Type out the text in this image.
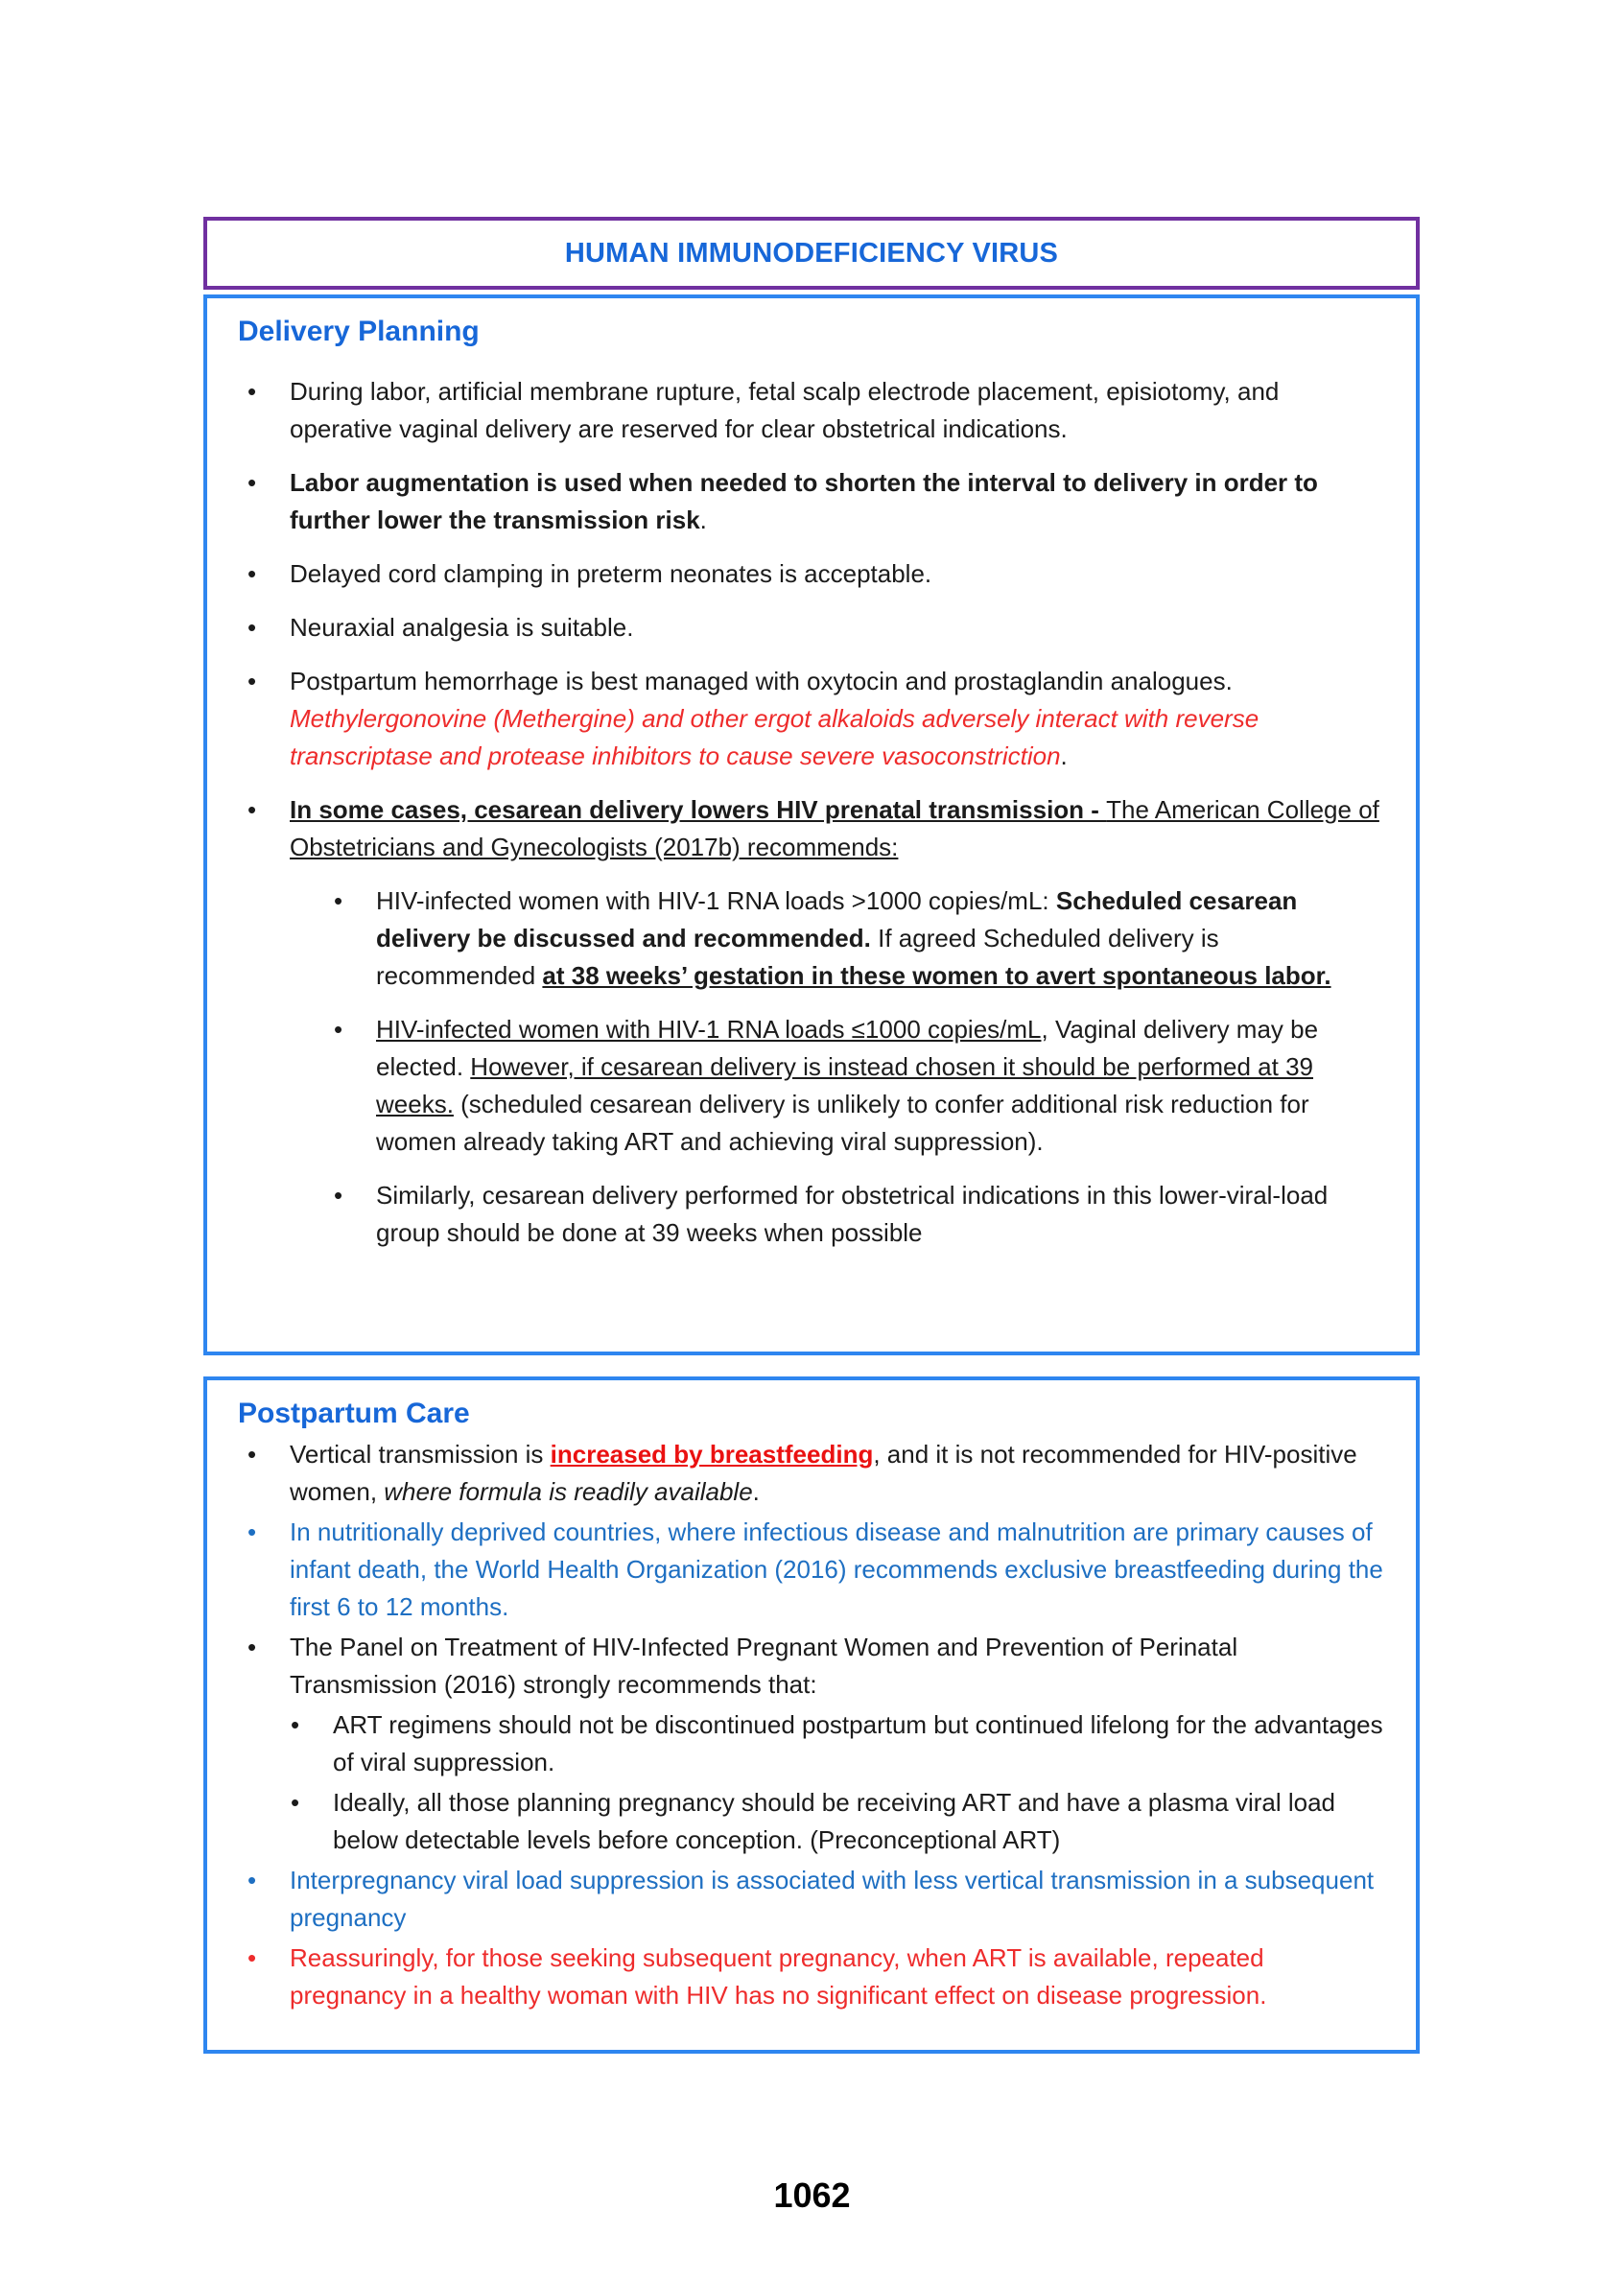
HUMAN IMMUNODEFICIENCY VIRUS
Delivery Planning
•	During labor, artificial membrane rupture, fetal scalp electrode placement, episiotomy, and operative vaginal delivery are reserved for clear obstetrical indications.
•	Labor augmentation is used when needed to shorten the interval to delivery in order to further lower the transmission risk.
•	Delayed cord clamping in preterm neonates is acceptable.
•	Neuraxial analgesia is suitable.
•	Postpartum hemorrhage is best managed with oxytocin and prostaglandin analogues. Methylergonovine (Methergine) and other ergot alkaloids adversely interact with reverse transcriptase and protease inhibitors to cause severe vasoconstriction.
•	In some cases, cesarean delivery lowers HIV prenatal transmission - The American College of Obstetricians and Gynecologists (2017b) recommends:
•	HIV-infected women with HIV-1 RNA loads >1000 copies/mL: Scheduled cesarean delivery be discussed and recommended. If agreed Scheduled delivery is recommended at 38 weeks’ gestation in these women to avert spontaneous labor.
•	HIV-infected women with HIV-1 RNA loads ≤1000 copies/mL, Vaginal delivery may be elected. However, if cesarean delivery is instead chosen it should be performed at 39 weeks. (scheduled cesarean delivery is unlikely to confer additional risk reduction for women already taking ART and achieving viral suppression).
•	Similarly, cesarean delivery performed for obstetrical indications in this lower-viral-load group should be done at 39 weeks when possible
Postpartum Care
•	Vertical transmission is increased by breastfeeding, and it is not recommended for HIV-positive women, where formula is readily available.
•	In nutritionally deprived countries, where infectious disease and malnutrition are primary causes of infant death, the World Health Organization (2016) recommends exclusive breastfeeding during the first 6 to 12 months.
•	The Panel on Treatment of HIV-Infected Pregnant Women and Prevention of Perinatal Transmission (2016) strongly recommends that:
•	ART regimens should not be discontinued postpartum but continued lifelong for the advantages of viral suppression.
•	Ideally, all those planning pregnancy should be receiving ART and have a plasma viral load below detectable levels before conception. (Preconceptional ART)
•	Interpregnancy viral load suppression is associated with less vertical transmission in a subsequent pregnancy
•	Reassuringly, for those seeking subsequent pregnancy, when ART is available, repeated pregnancy in a healthy woman with HIV has no significant effect on disease progression.
1062
